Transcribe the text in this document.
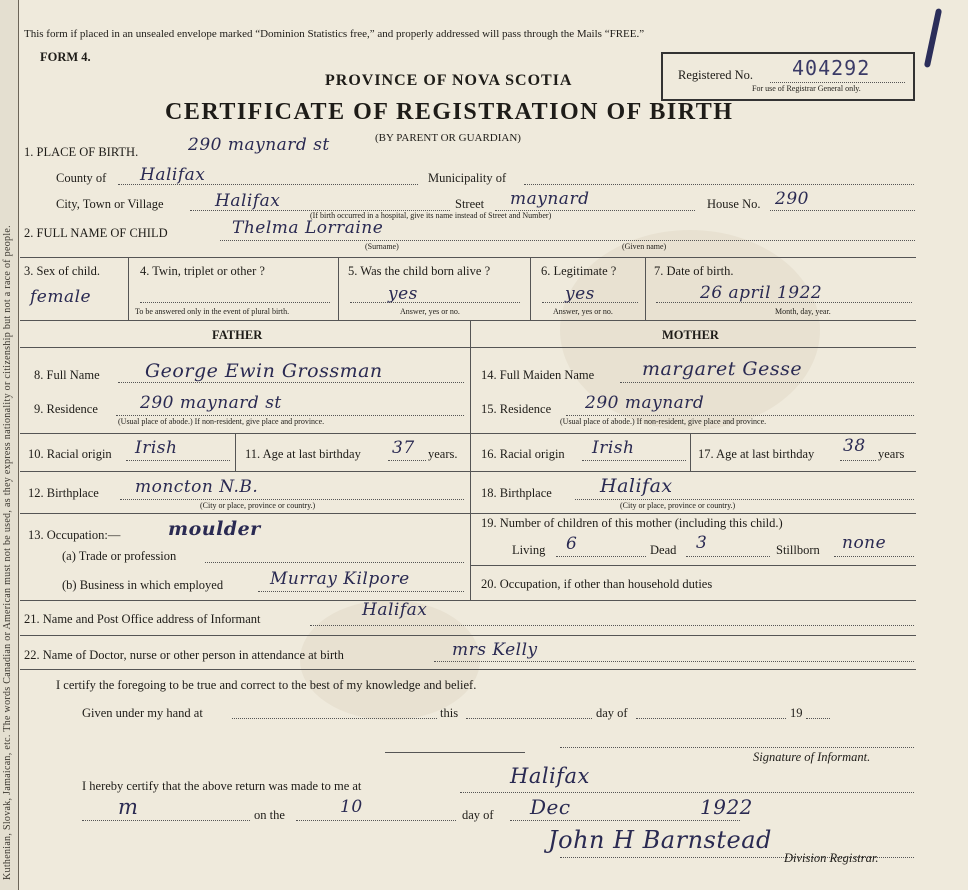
Kuthenian, Slovak, Jamaican, etc. The words Canadian or American must not be used, as they express nationality or citizenship but not a race of people.
This form if placed in an unsealed envelope marked “Dominion Statistics free,” and properly addressed will pass through the Mails “FREE.”
FORM 4.
PROVINCE OF NOVA SCOTIA
CERTIFICATE OF REGISTRATION OF BIRTH
Registered No. 404292
For use of Registrar General only.
1. PLACE OF BIRTH.	290 maynard st	(BY PARENT OR GUARDIAN)
County of Halifax	Municipality of
City, Town or Village	Halifax	Street maynard	House No. 290
(If birth occurred in a hospital, give its name instead of Street and Number)
2. FULL NAME OF CHILD	Thelma Lorraine
(Surname)	(Given name)
3. Sex of child.
female
4. Twin, triplet or other ?
To be answered only in the event of plural birth.
5. Was the child born alive ?
yes
Answer, yes or no.
6. Legitimate ?
yes
Answer, yes or no.
7. Date of birth.
26 april 1922
Month, day, year.
FATHER	MOTHER
8. Full Name George Ewin Grossman
9. Residence 290 maynard st
(Usual place of abode.) If non-resident, give place and province.
10. Racial origin Irish	11. Age at last birthday 37 years.
12. Birthplace moncton N.B.
(City or place, province or country.)
13. Occupation:—	moulder
(a) Trade or profession
(b) Business in which employed	Murray Kilpore
14. Full Maiden Name	margaret Gesse
15. Residence 290 maynard
(Usual place of abode.) If non-resident, give place and province.
16. Racial origin Irish	17. Age at last birthday 38 years
18. Birthplace	Halifax
(City or place, province or country.)
19. Number of children of this mother (including this child.)
Living 6	Dead 3	Stillborn none
20. Occupation, if other than household duties
21. Name and Post Office address of Informant	Halifax
22. Name of Doctor, nurse or other person in attendance at birth	mrs Kelly
I certify the foregoing to be true and correct to the best of my knowledge and belief.
Given under my hand at	this	day of	19
Signature of Informant.
I hereby certify that the above return was made to me at	Halifax
m	on the	10	day of Dec	1922
John H Barnstead
Division Registrar.
